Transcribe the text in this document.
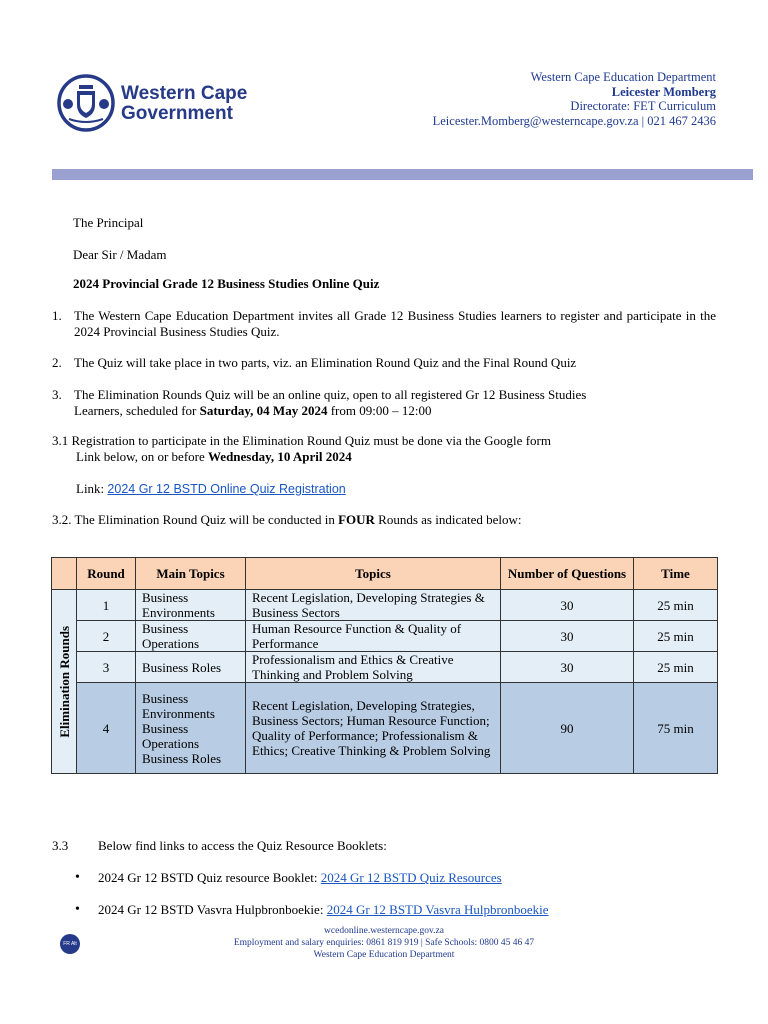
Western Cape
Government
Western Cape Education Department
Leicester Momberg
Directorate: FET Curriculum
Leicester.Momberg@westerncape.gov.za | 021 467 2436
The Principal
Dear Sir / Madam
2024 Provincial Grade 12 Business Studies Online Quiz
1. The Western Cape Education Department invites all Grade 12 Business Studies learners to register and participate in the 2024 Provincial Business Studies Quiz.
2. The Quiz will take place in two parts, viz. an Elimination Round Quiz and the Final Round Quiz
3. The Elimination Rounds Quiz will be an online quiz, open to all registered Gr 12 Business Studies
Learners, scheduled for Saturday, 04 May 2024 from 09:00 – 12:00
3.1 Registration to participate in the Elimination Round Quiz must be done via the Google form
Link below, on or before Wednesday, 10 April 2024
Link: 2024 Gr 12 BSTD Online Quiz Registration
3.2. The Elimination Round Quiz will be conducted in FOUR Rounds as indicated below:
	Round	Main Topics	Topics	Number of Questions	Time

Elimination Rounds	1	Business Environments	Recent Legislation, Developing Strategies & Business Sectors	30	25 min
	2	Business Operations	Human Resource Function & Quality of Performance	30	25 min
	3	Business Roles	Professionalism and Ethics & Creative Thinking and Problem Solving	30	25 min
	4	Business Environments Business Operations Business Roles	Recent Legislation, Developing Strategies, Business Sectors; Human Resource Function; Quality of Performance; Professionalism & Ethics; Creative Thinking & Problem Solving	90	75 min
3.3 Below find links to access the Quiz Resource Booklets:
• 2024 Gr 12 BSTD Quiz resource Booklet: 2024 Gr 12 BSTD Quiz Resources
• 2024 Gr 12 BSTD Vasvra Hulpbronboekie: 2024 Gr 12 BSTD Vasvra Hulpbronboekie
FR Alt
wcedonline.westerncape.gov.za
Employment and salary enquiries: 0861 819 919 | Safe Schools: 0800 45 46 47
Western Cape Education Department
